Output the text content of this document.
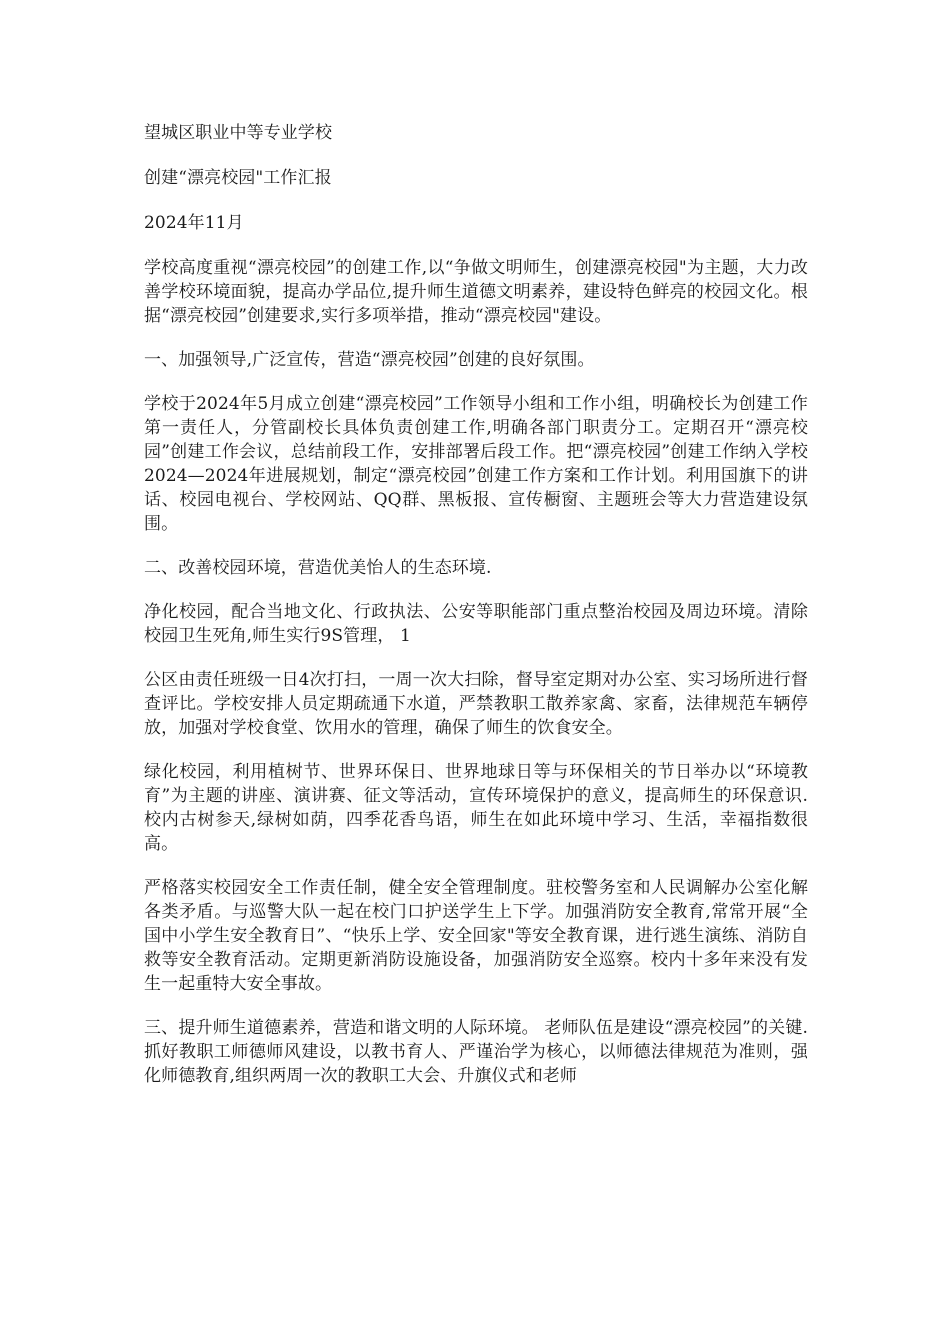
望城区职业中等专业学校

创建“漂亮校园"工作汇报

2024年11月

学校高度重视“漂亮校园”的创建工作,以“争做文明师生，创建漂亮校园"为主题，大力改善学校环境面貌，提高办学品位,提升师生道德文明素养，建设特色鲜亮的校园文化。根据“漂亮校园”创建要求,实行多项举措，推动“漂亮校园"建设。

一、加强领导,广泛宣传，营造“漂亮校园”创建的良好氛围。

学校于2024年5月成立创建“漂亮校园”工作领导小组和工作小组，明确校长为创建工作第一责任人，分管副校长具体负责创建工作,明确各部门职责分工。定期召开“漂亮校园”创建工作会议，总结前段工作，安排部署后段工作。把“漂亮校园”创建工作纳入学校2024—2024年进展规划，制定“漂亮校园”创建工作方案和工作计划。利用国旗下的讲话、校园电视台、学校网站、QQ群、黑板报、宣传橱窗、主题班会等大力营造建设氛围。

二、改善校园环境，营造优美怡人的生态环境.

净化校园，配合当地文化、行政执法、公安等职能部门重点整治校园及周边环境。清除校园卫生死角,师生实行9S管理， 1

公区由责任班级一日4次打扫，一周一次大扫除，督导室定期对办公室、实习场所进行督查评比。学校安排人员定期疏通下水道，严禁教职工散养家禽、家畜，法律规范车辆停放，加强对学校食堂、饮用水的管理，确保了师生的饮食安全。

绿化校园，利用植树节、世界环保日、世界地球日等与环保相关的节日举办以“环境教育”为主题的讲座、演讲赛、征文等活动，宣传环境保护的意义，提高师生的环保意识.校内古树参天,绿树如荫，四季花香鸟语，师生在如此环境中学习、生活，幸福指数很高。

严格落实校园安全工作责任制，健全安全管理制度。驻校警务室和人民调解办公室化解各类矛盾。与巡警大队一起在校门口护送学生上下学。加强消防安全教育,常常开展“全国中小学生安全教育日”、“快乐上学、安全回家"等安全教育课，进行逃生演练、消防自救等安全教育活动。定期更新消防设施设备，加强消防安全巡察。校内十多年来没有发生一起重特大安全事故。

三、提升师生道德素养，营造和谐文明的人际环境。 老师队伍是建设“漂亮校园”的关键.抓好教职工师德师风建设，以教书育人、严谨治学为核心，以师德法律规范为准则，强化师德教育,组织两周一次的教职工大会、升旗仪式和老师
